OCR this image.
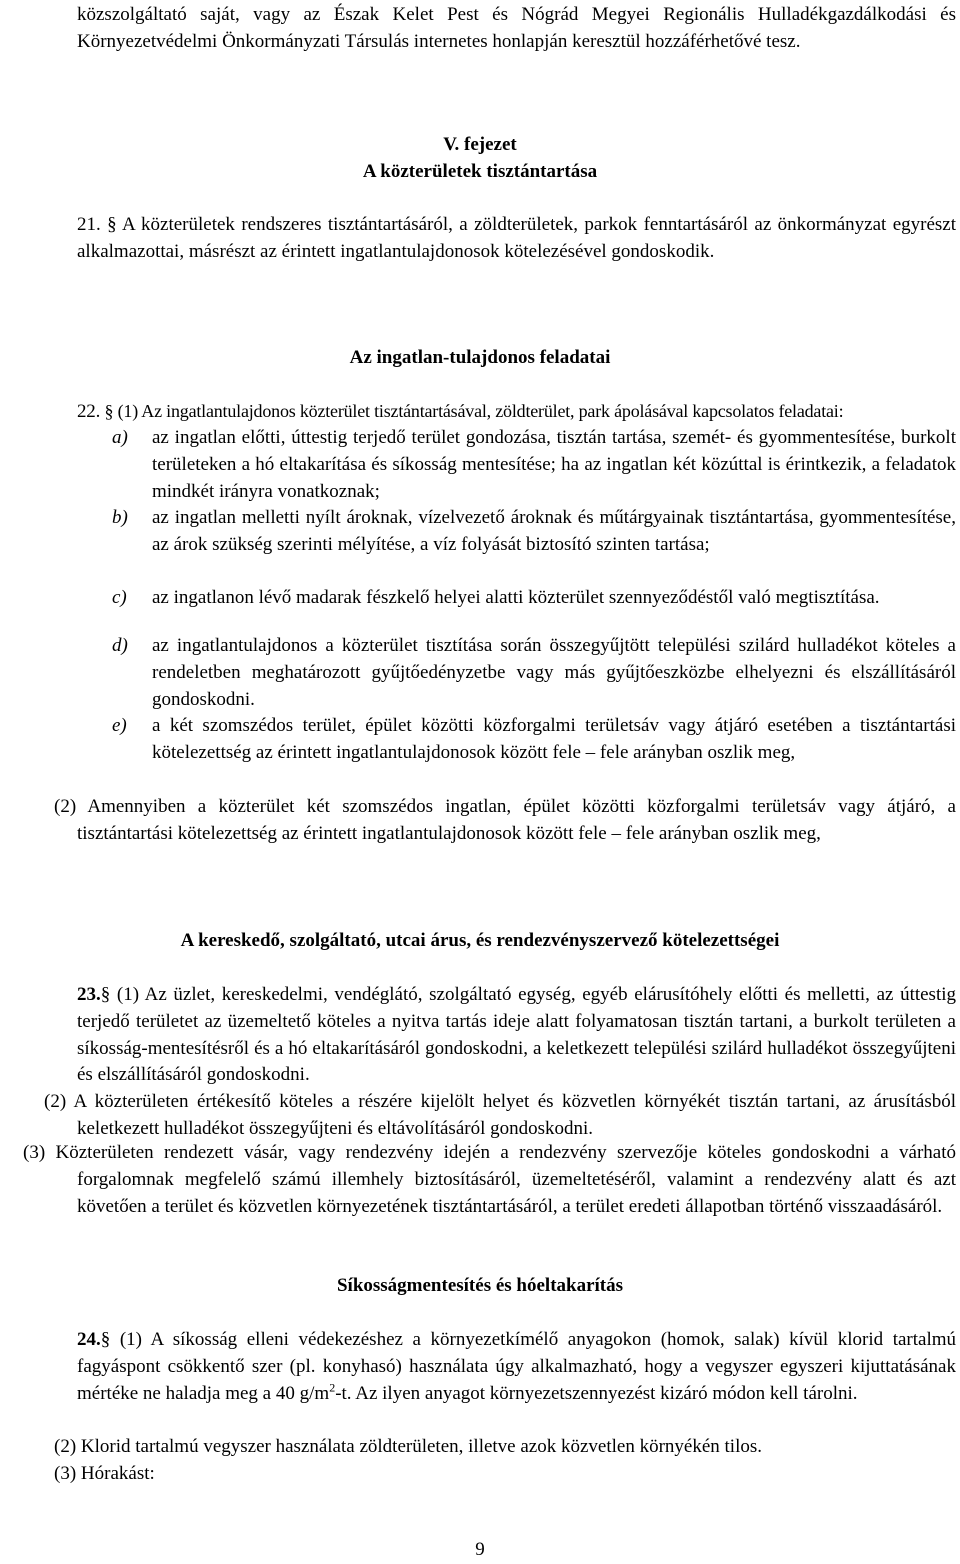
közszolgáltató saját, vagy az Észak Kelet Pest és Nógrád Megyei Regionális Hulladékgazdálkodási és Környezetvédelmi Önkormányzati Társulás internetes honlapján keresztül hozzáférhetővé tesz.
V. fejezet
A közterületek tisztántartása
21. § A közterületek rendszeres tisztántartásáról, a zöldterületek, parkok fenntartásáról az önkormányzat egyrészt alkalmazottai, másrészt az érintett ingatlantulajdonosok kötelezésével gondoskodik.
Az ingatlan-tulajdonos feladatai
22. § (1) Az ingatlantulajdonos közterület tisztántartásával, zöldterület, park ápolásával kapcsolatos feladatai:
a) az ingatlan előtti, úttestig terjedő terület gondozása, tisztán tartása, szemét- és gyommentesítése, burkolt területeken a hó eltakarítása és síkosság mentesítése; ha az ingatlan két közúttal is érintkezik, a feladatok mindkét irányra vonatkoznak;
b) az ingatlan melletti nyílt ároknak, vízelvezető ároknak és műtárgyainak tisztántartása, gyommentesítése, az árok szükség szerinti mélyítése, a víz folyását biztosító szinten tartása;
c) az ingatlanon lévő madarak fészkelő helyei alatti közterület szennyeződéstől való megtisztítása.
d) az ingatlantulajdonos a közterület tisztítása során összegyűjtött települési szilárd hulladékot köteles a rendeletben meghatározott gyűjtőedényzetbe vagy más gyűjtőeszközbe elhelyezni és elszállításáról gondoskodni.
e) a két szomszédos terület, épület közötti közforgalmi területsáv vagy átjáró esetében a tisztántartási kötelezettség az érintett ingatlantulajdonosok között fele – fele arányban oszlik meg,
(2) Amennyiben a közterület két szomszédos ingatlan, épület közötti közforgalmi területsáv vagy átjáró, a tisztántartási kötelezettség az érintett ingatlantulajdonosok között fele – fele arányban oszlik meg,
A kereskedő, szolgáltató, utcai árus, és rendezvényszervező kötelezettségei
23.§ (1) Az üzlet, kereskedelmi, vendéglátó, szolgáltató egység, egyéb elárusítóhely előtti és melletti, az úttestig terjedő területet az üzemeltető köteles a nyitva tartás ideje alatt folyamatosan tisztán tartani, a burkolt területen a síkosság-mentesítésről és a hó eltakarításáról gondoskodni, a keletkezett települési szilárd hulladékot összegyűjteni és elszállításáról gondoskodni.
(2) A közterületen értékesítő köteles a részére kijelölt helyet és közvetlen környékét tisztán tartani, az árusításból keletkezett hulladékot összegyűjteni és eltávolításáról gondoskodni.
(3) Közterületen rendezett vásár, vagy rendezvény idején a rendezvény szervezője köteles gondoskodni a várható forgalomnak megfelelő számú illemhely biztosításáról, üzemeltetéséről, valamint a rendezvény alatt és azt követően a terület és közvetlen környezetének tisztántartásáról, a terület eredeti állapotban történő visszaadásáról.
Síkosságmentesítés és hóeltakarítás
24.§ (1) A síkosság elleni védekezéshez a környezetkímélő anyagokon (homok, salak) kívül klorid tartalmú fagyáspont csökkentő szer (pl. konyhasó) használata úgy alkalmazható, hogy a vegyszer egyszeri kijuttatásának mértéke ne haladja meg a 40 $g/m^2-t$. Az ilyen anyagot környezetszennyezést kizáró módon kell tárolni.
(2) Klorid tartalmú vegyszer használata zöldterületen, illetve azok közvetlen környékén tilos.
(3) Hórakást:
9
